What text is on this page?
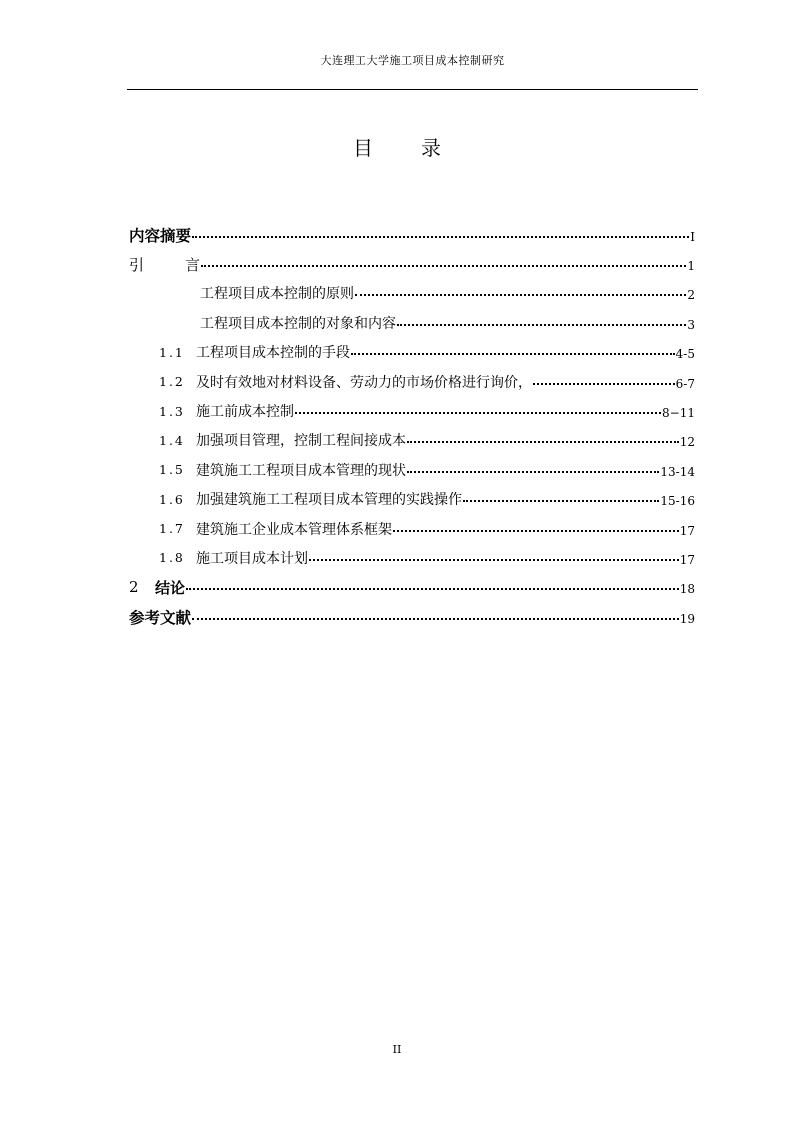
大连理工大学施工项目成本控制研究
目 录
内容摘要	I
引	言	1
工程项目成本控制的原则	2
工程项目成本控制的对象和内容	3
1.1 工程项目成本控制的手段	4-5
1.2 及时有效地对材料设备、劳动力的市场价格进行询价，	6-7
1.3 施工前成本控制	8−11
1.4 加强项目管理，控制工程间接成本	12
1.5 建筑施工工程项目成本管理的现状	13-14
1.6 加强建筑施工工程项目成本管理的实践操作	15-16
1.7 建筑施工企业成本管理体系框架	17
1.8 施工项目成本计划	17
2	结论	18
参考文献	19
II
